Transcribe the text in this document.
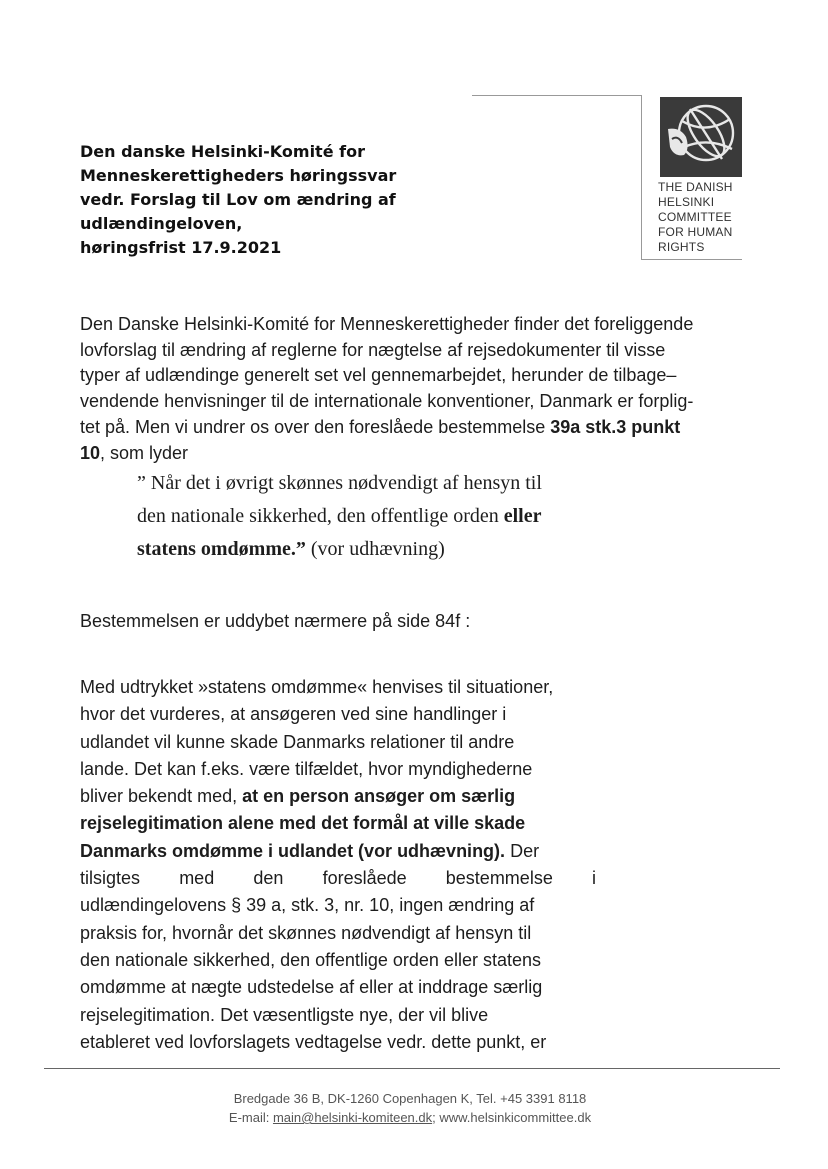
Den danske Helsinki-Komité for
Menneskerettigheders høringssvar
vedr. Forslag til Lov om ændring af
udlændingeloven,
høringsfrist 17.9.2021
THE DANISH
HELSINKI
COMMITTEE
FOR HUMAN
RIGHTS
Den Danske Helsinki-Komité for Menneskerettigheder finder det foreliggende
lovforslag til ændring af reglerne for nægtelse af rejsedokumenter til visse
typer af udlændinge generelt set vel gennemarbejdet, herunder de tilbage–
vendende henvisninger til de internationale konventioner, Danmark er forplig-
tet på. Men vi undrer os over den foreslåede bestemmelse 39a stk.3 punkt
10, som lyder
” Når det i øvrigt skønnes nødvendigt af hensyn til
den nationale sikkerhed, den offentlige orden eller
statens omdømme.” (vor udhævning)
Bestemmelsen er uddybet nærmere på side 84f :
Med udtrykket »statens omdømme« henvises til situationer,
hvor det vurderes, at ansøgeren ved sine handlinger i
udlandet vil kunne skade Danmarks relationer til andre
lande. Det kan f.eks. være tilfældet, hvor myndighederne
bliver bekendt med, at en person ansøger om særlig
rejselegitimation alene med det formål at ville skade
Danmarks omdømme i udlandet (vor udhævning). Der
tilsigtes med den foreslåede bestemmelse i
udlændingelovens § 39 a, stk. 3, nr. 10, ingen ændring af
praksis for, hvornår det skønnes nødvendigt af hensyn til
den nationale sikkerhed, den offentlige orden eller statens
omdømme at nægte udstedelse af eller at inddrage særlig
rejselegitimation. Det væsentligste nye, der vil blive
etableret ved lovforslagets vedtagelse vedr. dette punkt, er
Bredgade 36 B, DK-1260 Copenhagen K, Tel. +45 3391 8118
E-mail: main@helsinki-komiteen.dk; www.helsinkicommittee.dk
